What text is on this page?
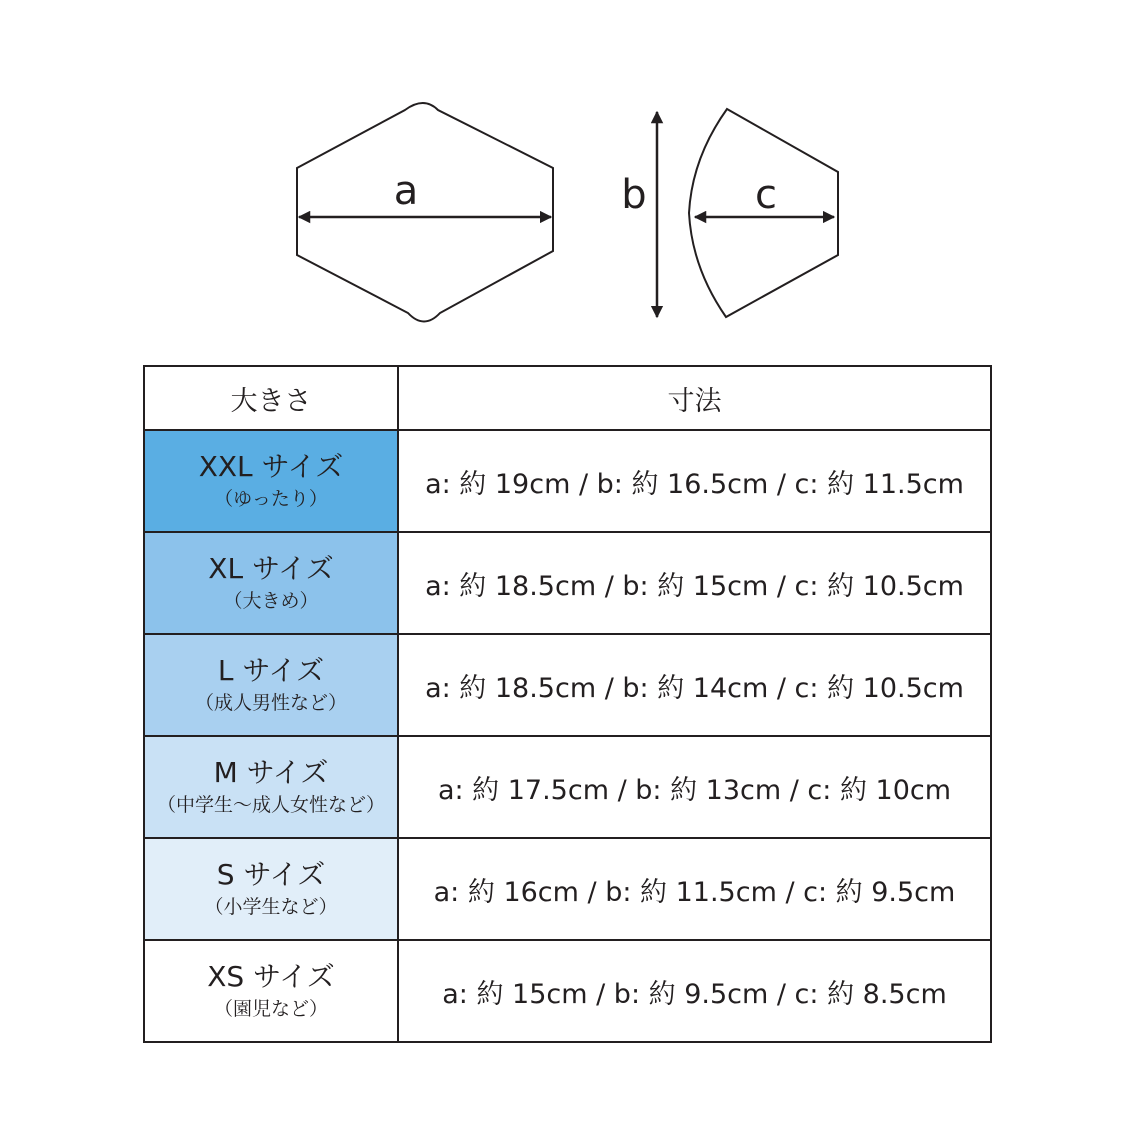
a	b	c
大きさ	寸法

XXL サイズ
（ゆったり）	a: 約 19cm / b: 約 16.5cm / c: 約 11.5cm

XL サイズ
（大きめ）	a: 約 18.5cm / b: 約 15cm / c: 約 10.5cm

L サイズ
（成人男性など）	a: 約 18.5cm / b: 約 14cm / c: 約 10.5cm

M サイズ
（中学生〜成人女性など）	a: 約 17.5cm / b: 約 13cm / c: 約 10cm

S サイズ
（小学生など）	a: 約 16cm / b: 約 11.5cm / c: 約 9.5cm

XS サイズ
（園児など）	a: 約 15cm / b: 約 9.5cm / c: 約 8.5cm
